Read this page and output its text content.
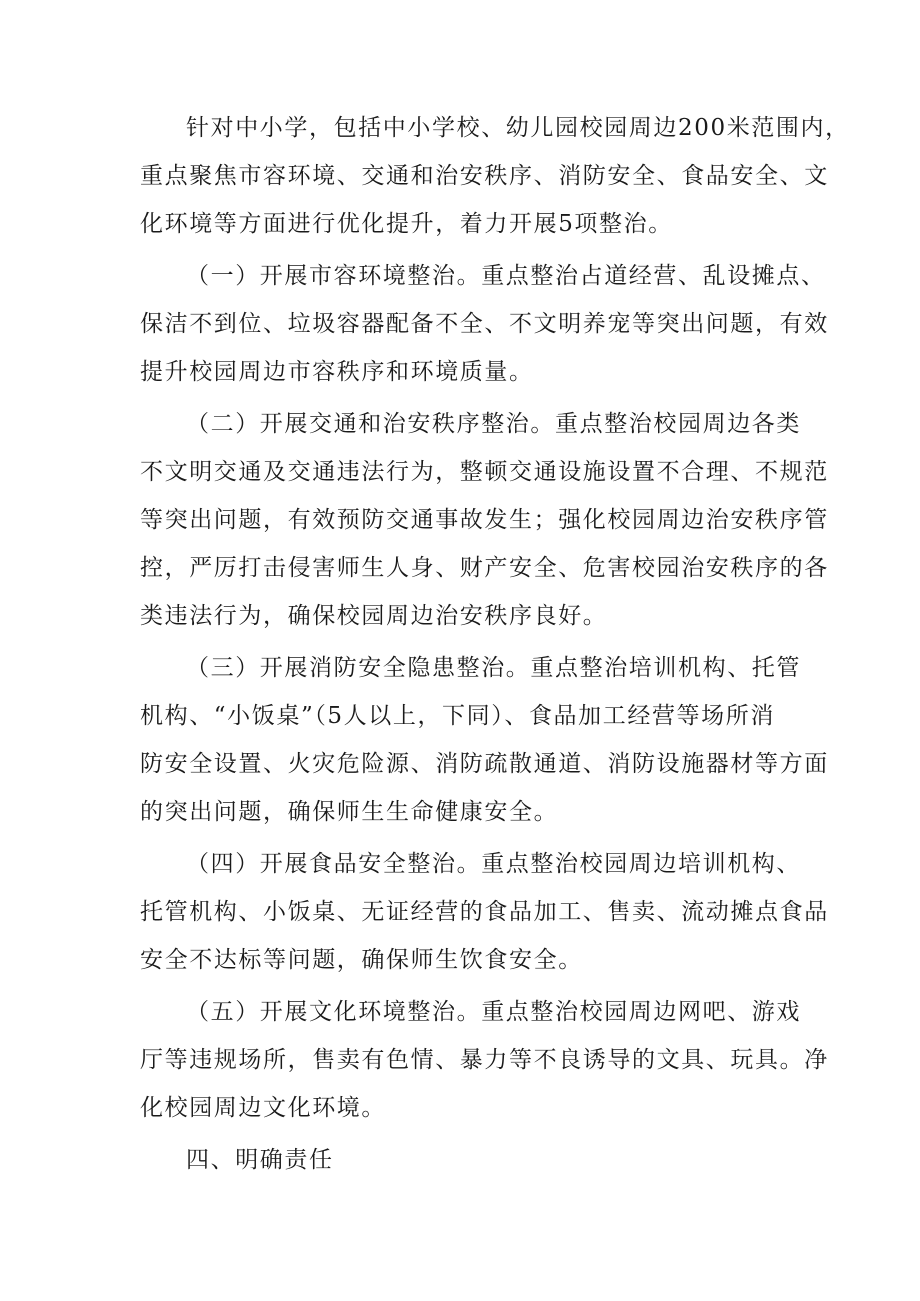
针对中小学，包括中小学校、幼儿园校园周边200米范围内，
重点聚焦市容环境、交通和治安秩序、消防安全、食品安全、文
化环境等方面进行优化提升，着力开展5项整治。
（一）开展市容环境整治。重点整治占道经营、乱设摊点、
保洁不到位、垃圾容器配备不全、不文明养宠等突出问题，有效
提升校园周边市容秩序和环境质量。
（二）开展交通和治安秩序整治。重点整治校园周边各类
不文明交通及交通违法行为，整顿交通设施设置不合理、不规范
等突出问题，有效预防交通事故发生；强化校园周边治安秩序管
控，严厉打击侵害师生人身、财产安全、危害校园治安秩序的各
类违法行为，确保校园周边治安秩序良好。
（三）开展消防安全隐患整治。重点整治培训机构、托管
机构、“小饭桌”（5人以上，下同）、食品加工经营等场所消
防安全设置、火灾危险源、消防疏散通道、消防设施器材等方面
的突出问题，确保师生生命健康安全。
（四）开展食品安全整治。重点整治校园周边培训机构、
托管机构、小饭桌、无证经营的食品加工、售卖、流动摊点食品
安全不达标等问题，确保师生饮食安全。
（五）开展文化环境整治。重点整治校园周边网吧、游戏
厅等违规场所，售卖有色情、暴力等不良诱导的文具、玩具。净
化校园周边文化环境。
四、明确责任
